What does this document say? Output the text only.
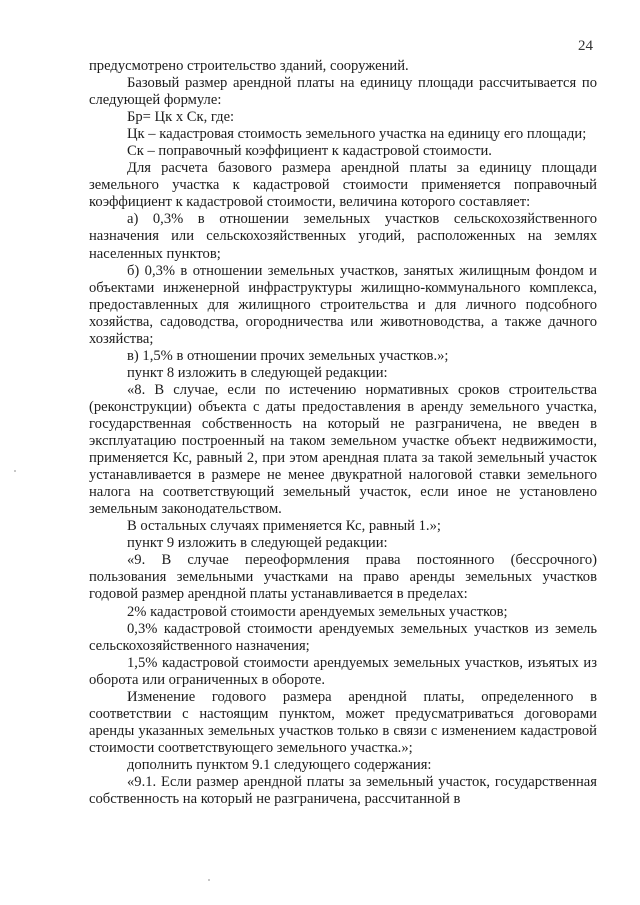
24

предусмотрено строительство зданий, сооружений.

Базовый размер арендной платы на единицу площади рассчитывается по следующей формуле:

Бр= Цк х Ск, где:

Цк – кадастровая стоимость земельного участка на единицу его площади;

Ск – поправочный коэффициент к кадастровой стоимости.

Для расчета базового размера арендной платы за единицу площади земельного участка к кадастровой стоимости применяется поправочный коэффициент к кадастровой стоимости, величина которого составляет:

а) 0,3% в отношении земельных участков сельскохозяйственного назначения или сельскохозяйственных угодий, расположенных на землях населенных пунктов;

б) 0,3% в отношении земельных участков, занятых жилищным фондом и объектами инженерной инфраструктуры жилищно-коммунального комплекса, предоставленных для жилищного строительства и для личного подсобного хозяйства, садоводства, огородничества или животноводства, а также дачного хозяйства;

в) 1,5% в отношении прочих земельных участков.»;

пункт 8 изложить в следующей редакции:

«8. В случае, если по истечению нормативных сроков строительства (реконструкции) объекта с даты предоставления в аренду земельного участка, государственная собственность на который не разграничена, не введен в эксплуатацию построенный на таком земельном участке объект недвижимости, применяется Кс, равный 2, при этом арендная плата за такой земельный участок устанавливается в размере не менее двукратной налоговой ставки земельного налога на соответствующий земельный участок, если иное не установлено земельным законодательством.

В остальных случаях применяется Кс, равный 1.»;

пункт 9 изложить в следующей редакции:

«9. В случае переоформления права постоянного (бессрочного) пользования земельными участками на право аренды земельных участков годовой размер арендной платы устанавливается в пределах:

2% кадастровой стоимости арендуемых земельных участков;

0,3% кадастровой стоимости арендуемых земельных участков из земель сельскохозяйственного назначения;

1,5% кадастровой стоимости арендуемых земельных участков, изъятых из оборота или ограниченных в обороте.

Изменение годового размера арендной платы, определенного в соответствии с настоящим пунктом, может предусматриваться договорами аренды указанных земельных участков только в связи с изменением кадастровой стоимости соответствующего земельного участка.»;

дополнить пунктом 9.1 следующего содержания:

«9.1. Если размер арендной платы за земельный участок, государственная собственность на который не разграничена, рассчитанной в
